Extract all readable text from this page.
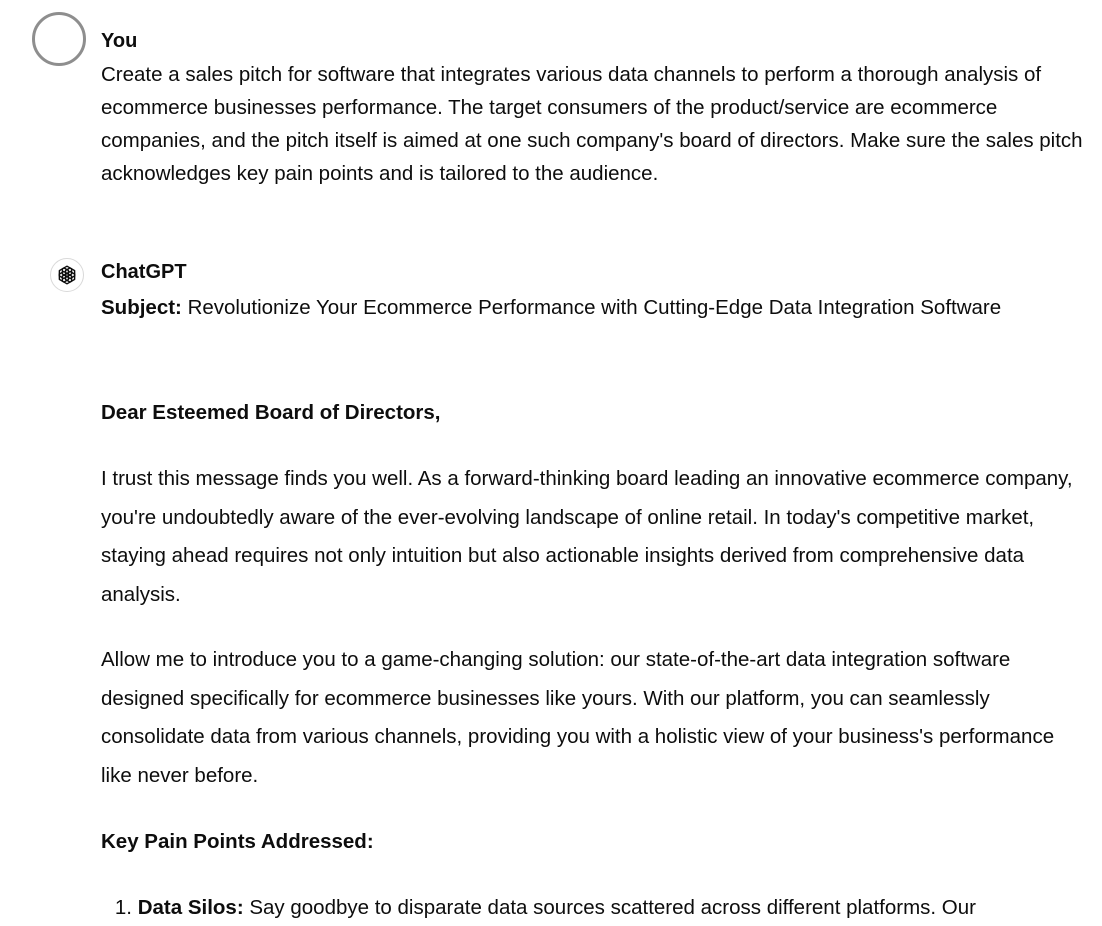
You
Create a sales pitch for software that integrates various data channels to perform a thorough analysis of ecommerce businesses performance. The target consumers of the product/service are ecommerce companies, and the pitch itself is aimed at one such company's board of directors. Make sure the sales pitch acknowledges key pain points and is tailored to the audience.
ChatGPT

Subject: Revolutionize Your Ecommerce Performance with Cutting-Edge Data Integration Software

Dear Esteemed Board of Directors,

I trust this message finds you well. As a forward-thinking board leading an innovative ecommerce company, you're undoubtedly aware of the ever-evolving landscape of online retail. In today's competitive market, staying ahead requires not only intuition but also actionable insights derived from comprehensive data analysis.
Allow me to introduce you to a game-changing solution: our state-of-the-art data integration software designed specifically for ecommerce businesses like yours. With our platform, you can seamlessly consolidate data from various channels, providing you with a holistic view of your business's performance like never before.

Key Pain Points Addressed:

1. Data Silos: Say goodbye to disparate data sources scattered across different platforms. Our
